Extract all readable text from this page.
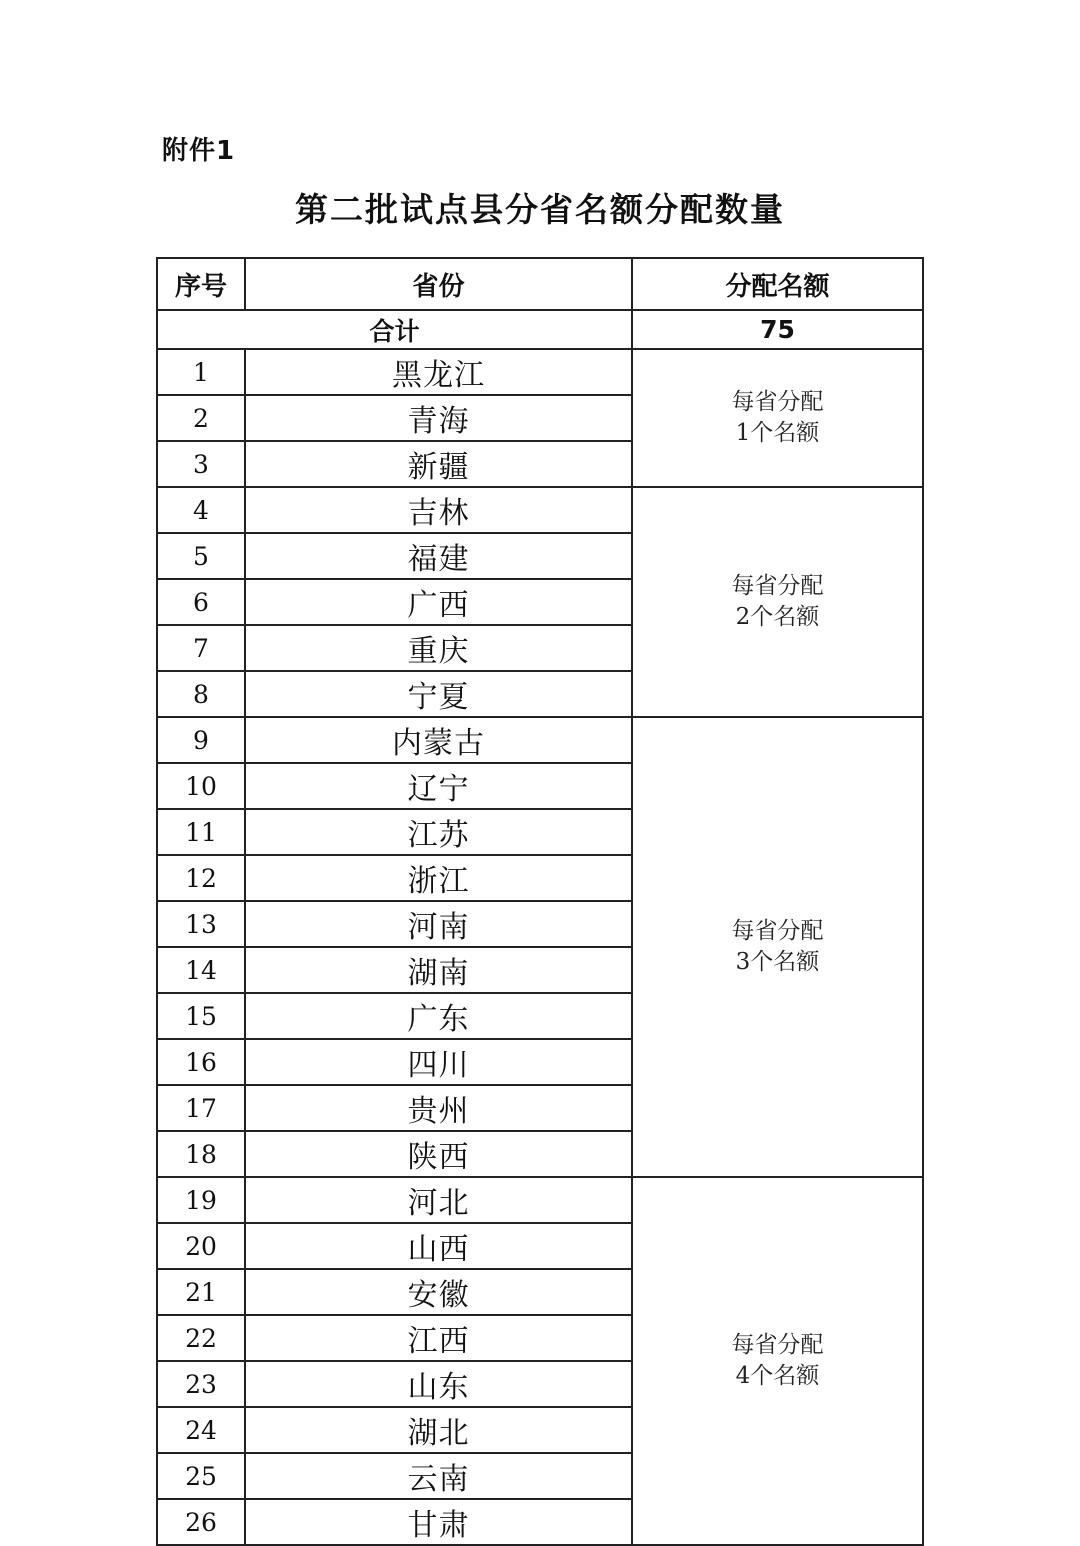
附件1
第二批试点县分省名额分配数量
序号	省份	分配名额
合计		75
1	黑龙江	每省分配
1个名额

2	青海	
3	新疆	
4	吉林	每省分配
2个名额

5	福建	
6	广西	
7	重庆	
8	宁夏	
9	内蒙古	每省分配
3个名额

10	辽宁	
11	江苏	
12	浙江	
13	河南	
14	湖南	
15	广东	
16	四川	
17	贵州	
18	陕西	
19	河北	每省分配
4个名额

20	山西	
21	安徽	
22	江西	
23	山东	
24	湖北	
25	云南	
26	甘肃	
